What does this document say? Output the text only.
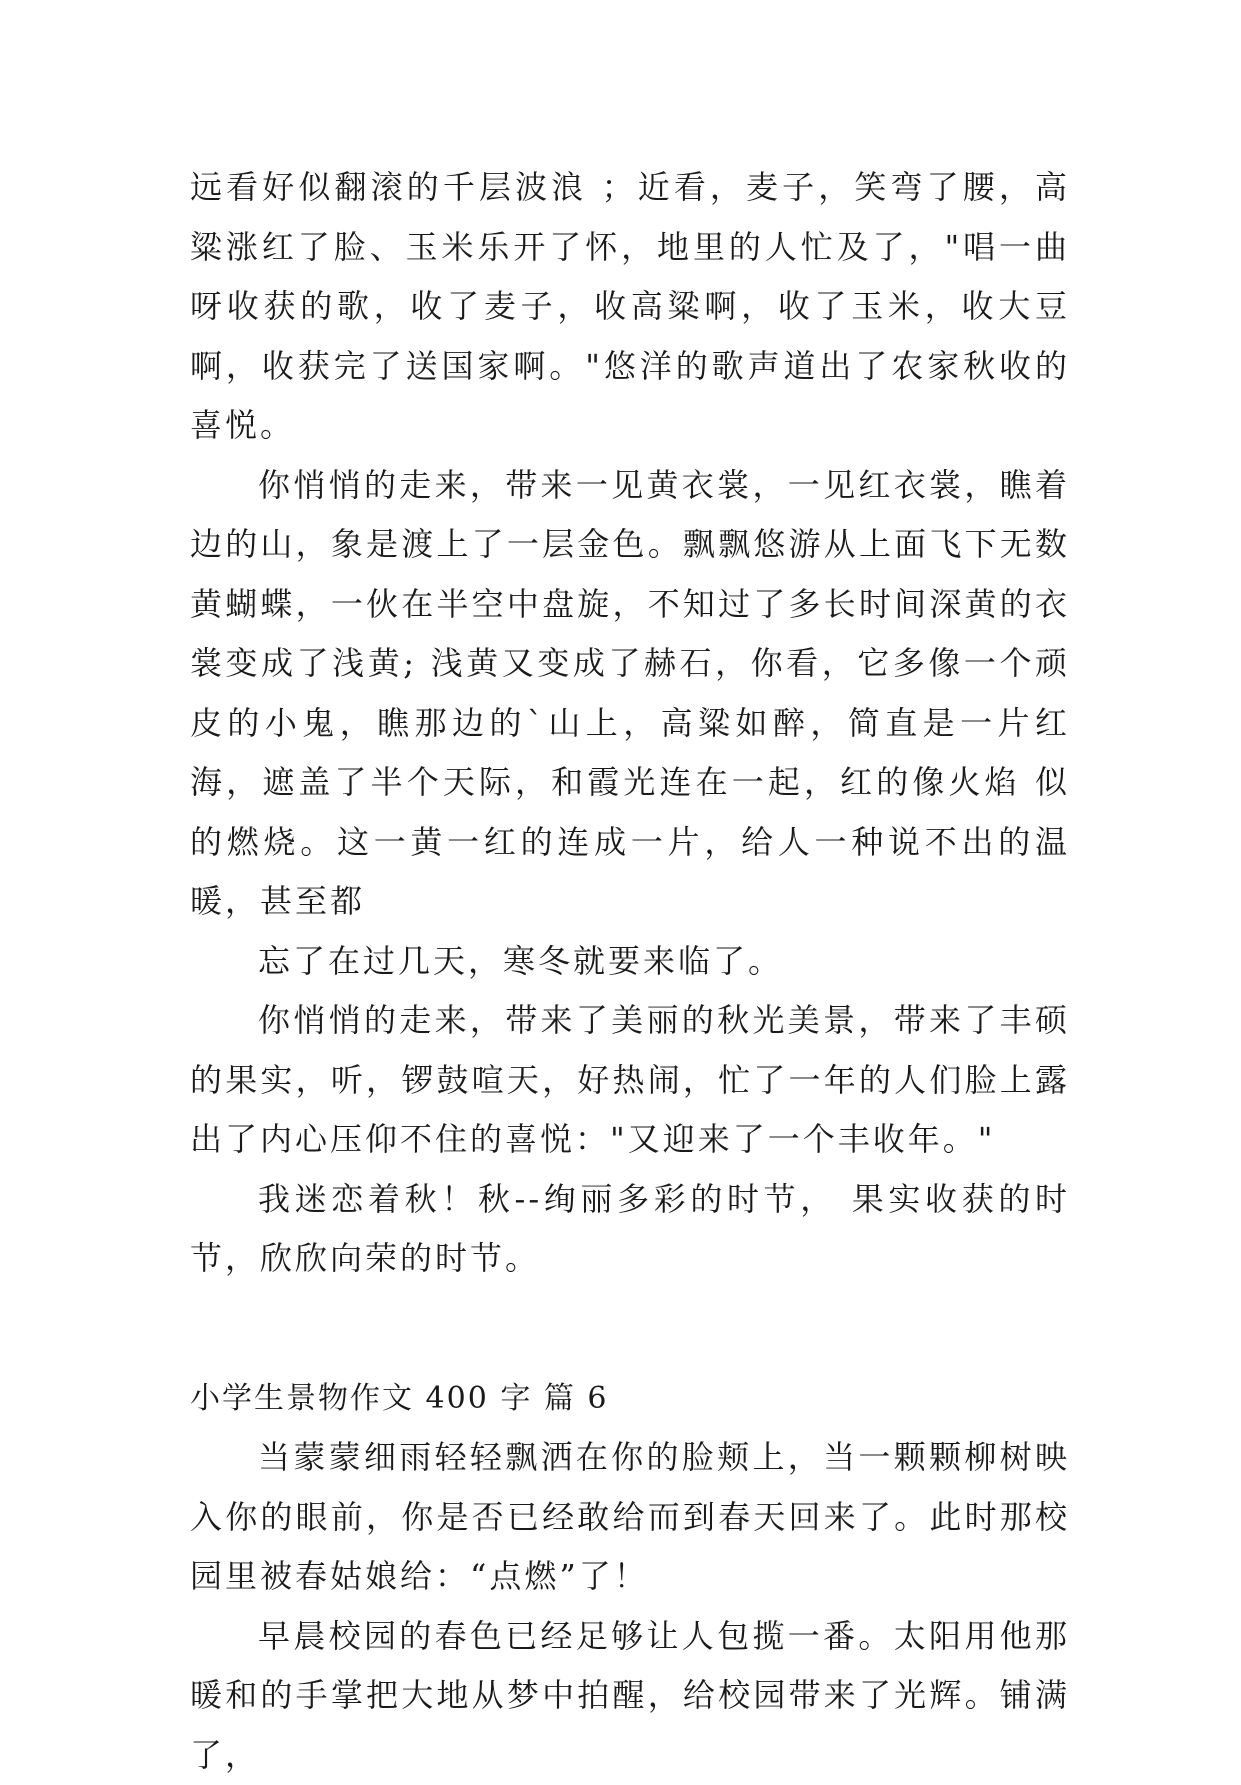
远看好似翻滚的千层波浪 ；近看，麦子，笑弯了腰，高粱涨红了脸、玉米乐开了怀，地里的人忙及了，"唱一曲呀收获的歌，收了麦子，收高粱啊，收了玉米，收大豆啊，收获完了送国家啊。"悠洋的歌声道出了农家秋收的喜悦。

你悄悄的走来，带来一见黄衣裳，一见红衣裳，瞧着边的山，象是渡上了一层金色。飘飘悠游从上面飞下无数黄蝴蝶，一伙在半空中盘旋，不知过了多长时间深黄的衣裳变成了浅黄; 浅黄又变成了赫石，你看，它多像一个顽皮的小鬼，瞧那边的`山上，高粱如醉，简直是一片红海，遮盖了半个天际，和霞光连在一起，红的像火焰 似的燃烧。这一黄一红的连成一片，给人一种说不出的温暖，甚至都

忘了在过几天，寒冬就要来临了。

你悄悄的走来，带来了美丽的秋光美景，带来了丰硕的果实，听，锣鼓喧天，好热闹，忙了一年的人们脸上露出了内心压仰不住的喜悦："又迎来了一个丰收年。"

我迷恋着秋！秋--绚丽多彩的时节， 果实收获的时节，欣欣向荣的时节。

小学生景物作文 400 字 篇 6

当蒙蒙细雨轻轻飘洒在你的脸颊上，当一颗颗柳树映入你的眼前，你是否已经敢给而到春天回来了。此时那校园里被春姑娘给：“点燃”了！

早晨校园的春色已经足够让人包揽一番。太阳用他那暖和的手掌把大地从梦中拍醒，给校园带来了光辉。铺满了，
